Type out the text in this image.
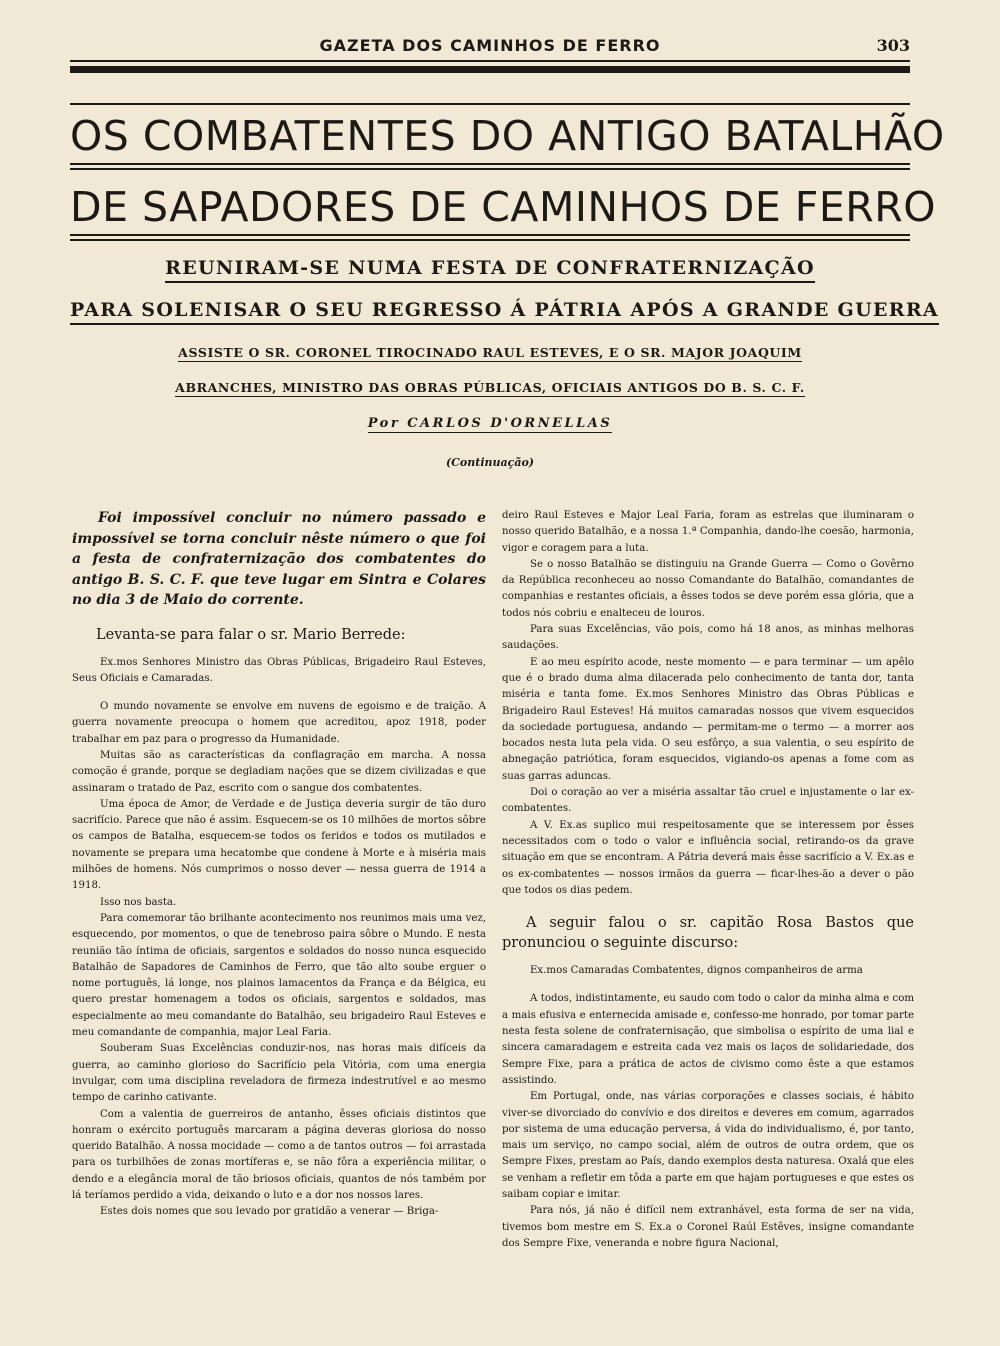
GAZETA DOS CAMINHOS DE FERRO	303
OS COMBATENTES DO ANTIGO BATALHÃO
DE SAPADORES DE CAMINHOS DE FERRO
REUNIRAM-SE NUMA FESTA DE CONFRATERNIZAÇÃO
PARA SOLENISAR O SEU REGRESSO Á PÁTRIA APÓS A GRANDE GUERRA
ASSISTE O SR. CORONEL TIROCINADO RAUL ESTEVES, E O SR. MAJOR JOAQUIM
ABRANCHES, MINISTRO DAS OBRAS PÚBLICAS, OFICIAIS ANTIGOS DO B. S. C. F.
Por CARLOS D'ORNELLAS
(Continuação)

Foi impossível concluir no número passado e impossível se torna concluir nêste número o que foi a festa de confraternização dos combatentes do antigo B. S. C. F. que teve lugar em Sintra e Colares no dia 3 de Maio do corrente.

Levanta-se para falar o sr. Mario Berrede:

Ex.mos Senhores Ministro das Obras Públicas, Brigadeiro Raul Esteves, Seus Oficiais e Camaradas.

O mundo novamente se envolve em nuvens de egoismo e de traição. A guerra novamente preocupa o homem que acreditou, apoz 1918, poder trabalhar em paz para o progresso da Humanidade.

Muitas são as características da conflagração em marcha. A nossa comoção é grande, porque se degladiam nações que se dizem civilizadas e que assinaram o tratado de Paz, escrito com o sangue dos combatentes.

Uma época de Amor, de Verdade e de Justiça deveria surgir de tão duro sacrifício. Parece que não é assim. Esquecem-se os 10 milhões de mortos sôbre os campos de Batalha, esquecem-se todos os feridos e todos os mutilados e novamente se prepara uma hecatombe que condene à Morte e à miséria mais milhões de homens. Nós cumprimos o nosso dever — nessa guerra de 1914 a 1918.

Isso nos basta.

Para comemorar tão brilhante acontecimento nos reunimos mais uma vez, esquecendo, por momentos, o que de tenebroso paira sôbre o Mundo. E nesta reunião tão íntima de oficiais, sargentos e soldados do nosso nunca esquecido Batalhão de Sapadores de Caminhos de Ferro, que tão alto soube erguer o nome português, lá longe, nos plainos lamacentos da França e da Bélgica, eu quero prestar homenagem a todos os oficiais, sargentos e soldados, mas especialmente ao meu comandante do Batalhão, seu brigadeiro Raul Esteves e meu comandante de companhia, major Leal Faria.

Souberam Suas Excelências conduzir-nos, nas horas mais difíceis da guerra, ao caminho glorioso do Sacrifício pela Vitória, com uma energia invulgar, com uma disciplina reveladora de firmeza indestrutível e ao mesmo tempo de carinho cativante.

Com a valentia de guerreiros de antanho, êsses oficiais distintos que honram o exército português marcaram a página deveras gloriosa do nosso querido Batalhão. A nossa mocidade — como a de tantos outros — foi arrastada para os turbilhões de zonas mortíferas e, se não fôra a experiência militar, o dendo e a elegância moral de tão briosos oficiais, quantos de nós também por lá teríamos perdido a vida, deixando o luto e a dor nos nossos lares.

Estes dois nomes que sou levado por gratidão a venerar — Briga-

deiro Raul Esteves e Major Leal Faria, foram as estrelas que iluminaram o nosso querido Batalhão, e a nossa 1.ª Companhia, dando-lhe coesão, harmonia, vigor e coragem para a luta.

Se o nosso Batalhão se distinguiu na Grande Guerra — Como o Govêrno da República reconheceu ao nosso Comandante do Batalhão, comandantes de companhias e restantes oficiais, a êsses todos se deve porém essa glória, que a todos nós cobriu e enalteceu de louros.

Para suas Excelências, vão pois, como há 18 anos, as minhas melhoras saudações.

E ao meu espírito acode, neste momento — e para terminar — um apêlo que é o brado duma alma dilacerada pelo conhecimento de tanta dor, tanta miséria e tanta fome. Ex.mos Senhores Ministro das Obras Públicas e Brigadeiro Raul Esteves! Há muitos camaradas nossos que vivem esquecidos da sociedade portuguesa, andando — permitam-me o termo — a morrer aos bocados nesta luta pela vida. O seu esfôrço, a sua valentia, o seu espírito de abnegação patriótica, foram esquecidos, vigiando-os apenas a fome com as suas garras aduncas.

Doi o coração ao ver a miséria assaltar tão cruel e injustamente o lar ex-combatentes.

A V. Ex.as suplico mui respeitosamente que se interessem por êsses necessitados com o todo o valor e influência social, retirando-os da grave situação em que se encontram. A Pátria deverá mais êsse sacrifício a V. Ex.as e os ex-combatentes — nossos irmãos da guerra — ficar-lhes-ão a dever o pão que todos os dias pedem.

A seguir falou o sr. capitão Rosa Bastos que pronunciou o seguinte discurso:

Ex.mos Camaradas Combatentes, dignos companheiros de arma

A todos, indistintamente, eu saudo com todo o calor da minha alma e com a mais efusiva e enternecida amisade e, confesso-me honrado, por tomar parte nesta festa solene de confraternisação, que simbolisa o espírito de uma lial e sincera camaradagem e estreita cada vez mais os laços de solidariedade, dos Sempre Fixe, para a prática de actos de civismo como êste a que estamos assistindo.

Em Portugal, onde, nas várias corporações e classes sociais, é hábito viver-se divorciado do convívio e dos direitos e deveres em comum, agarrados por sistema de uma educação perversa, á vida do individualismo, é, por tanto, mais um serviço, no campo social, além de outros de outra ordem, que os Sempre Fixes, prestam ao País, dando exemplos desta naturesa. Oxalá que eles se venham a refletir em tôda a parte em que hajam portugueses e que estes os saibam copiar e imitar.

Para nós, já não é difícil nem extranhável, esta forma de ser na vida, tivemos bom mestre em S. Ex.a o Coronel Raúl Estêves, insigne comandante dos Sempre Fixe, veneranda e nobre figura Nacional,
